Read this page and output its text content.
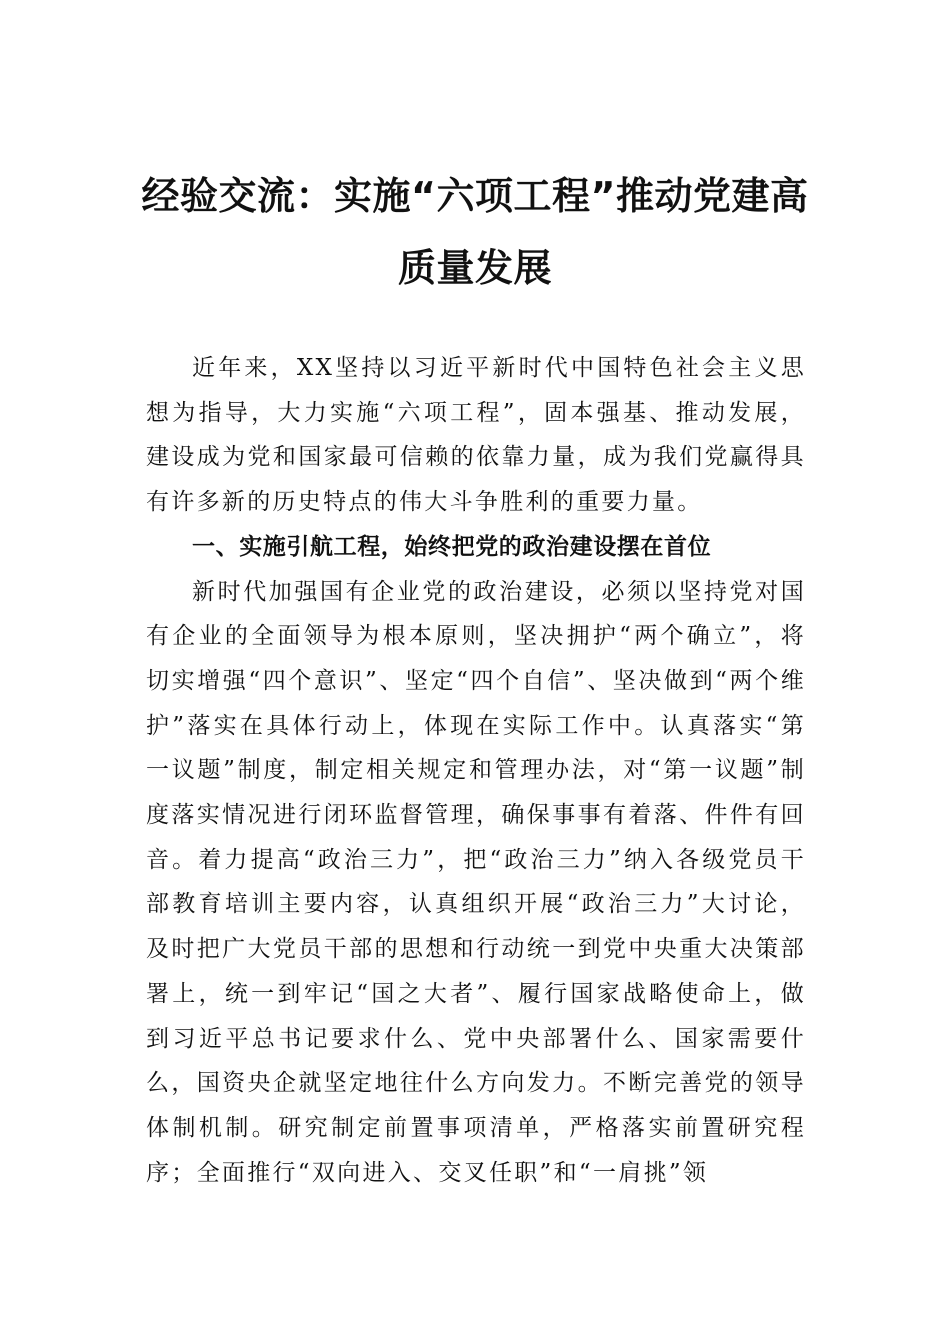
经验交流：实施“六项工程”推动党建高
质量发展

近年来，XX坚持以习近平新时代中国特色社会主义思想为指导，大力实施“六项工程”，固本强基、推动发展，建设成为党和国家最可信赖的依靠力量，成为我们党赢得具有许多新的历史特点的伟大斗争胜利的重要力量。

一、实施引航工程，始终把党的政治建设摆在首位

新时代加强国有企业党的政治建设，必须以坚持党对国有企业的全面领导为根本原则，坚决拥护“两个确立”，将切实增强“四个意识”、坚定“四个自信”、坚决做到“两个维护”落实在具体行动上，体现在实际工作中。认真落实“第一议题”制度，制定相关规定和管理办法，对“第一议题”制度落实情况进行闭环监督管理，确保事事有着落、件件有回音。着力提高“政治三力”，把“政治三力”纳入各级党员干部教育培训主要内容，认真组织开展“政治三力”大讨论，及时把广大党员干部的思想和行动统一到党中央重大决策部署上，统一到牢记“国之大者”、履行国家战略使命上，做到习近平总书记要求什么、党中央部署什么、国家需要什么，国资央企就坚定地往什么方向发力。不断完善党的领导体制机制。研究制定前置事项清单，严格落实前置研究程序；全面推行“双向进入、交叉任职”和“一肩挑”领
